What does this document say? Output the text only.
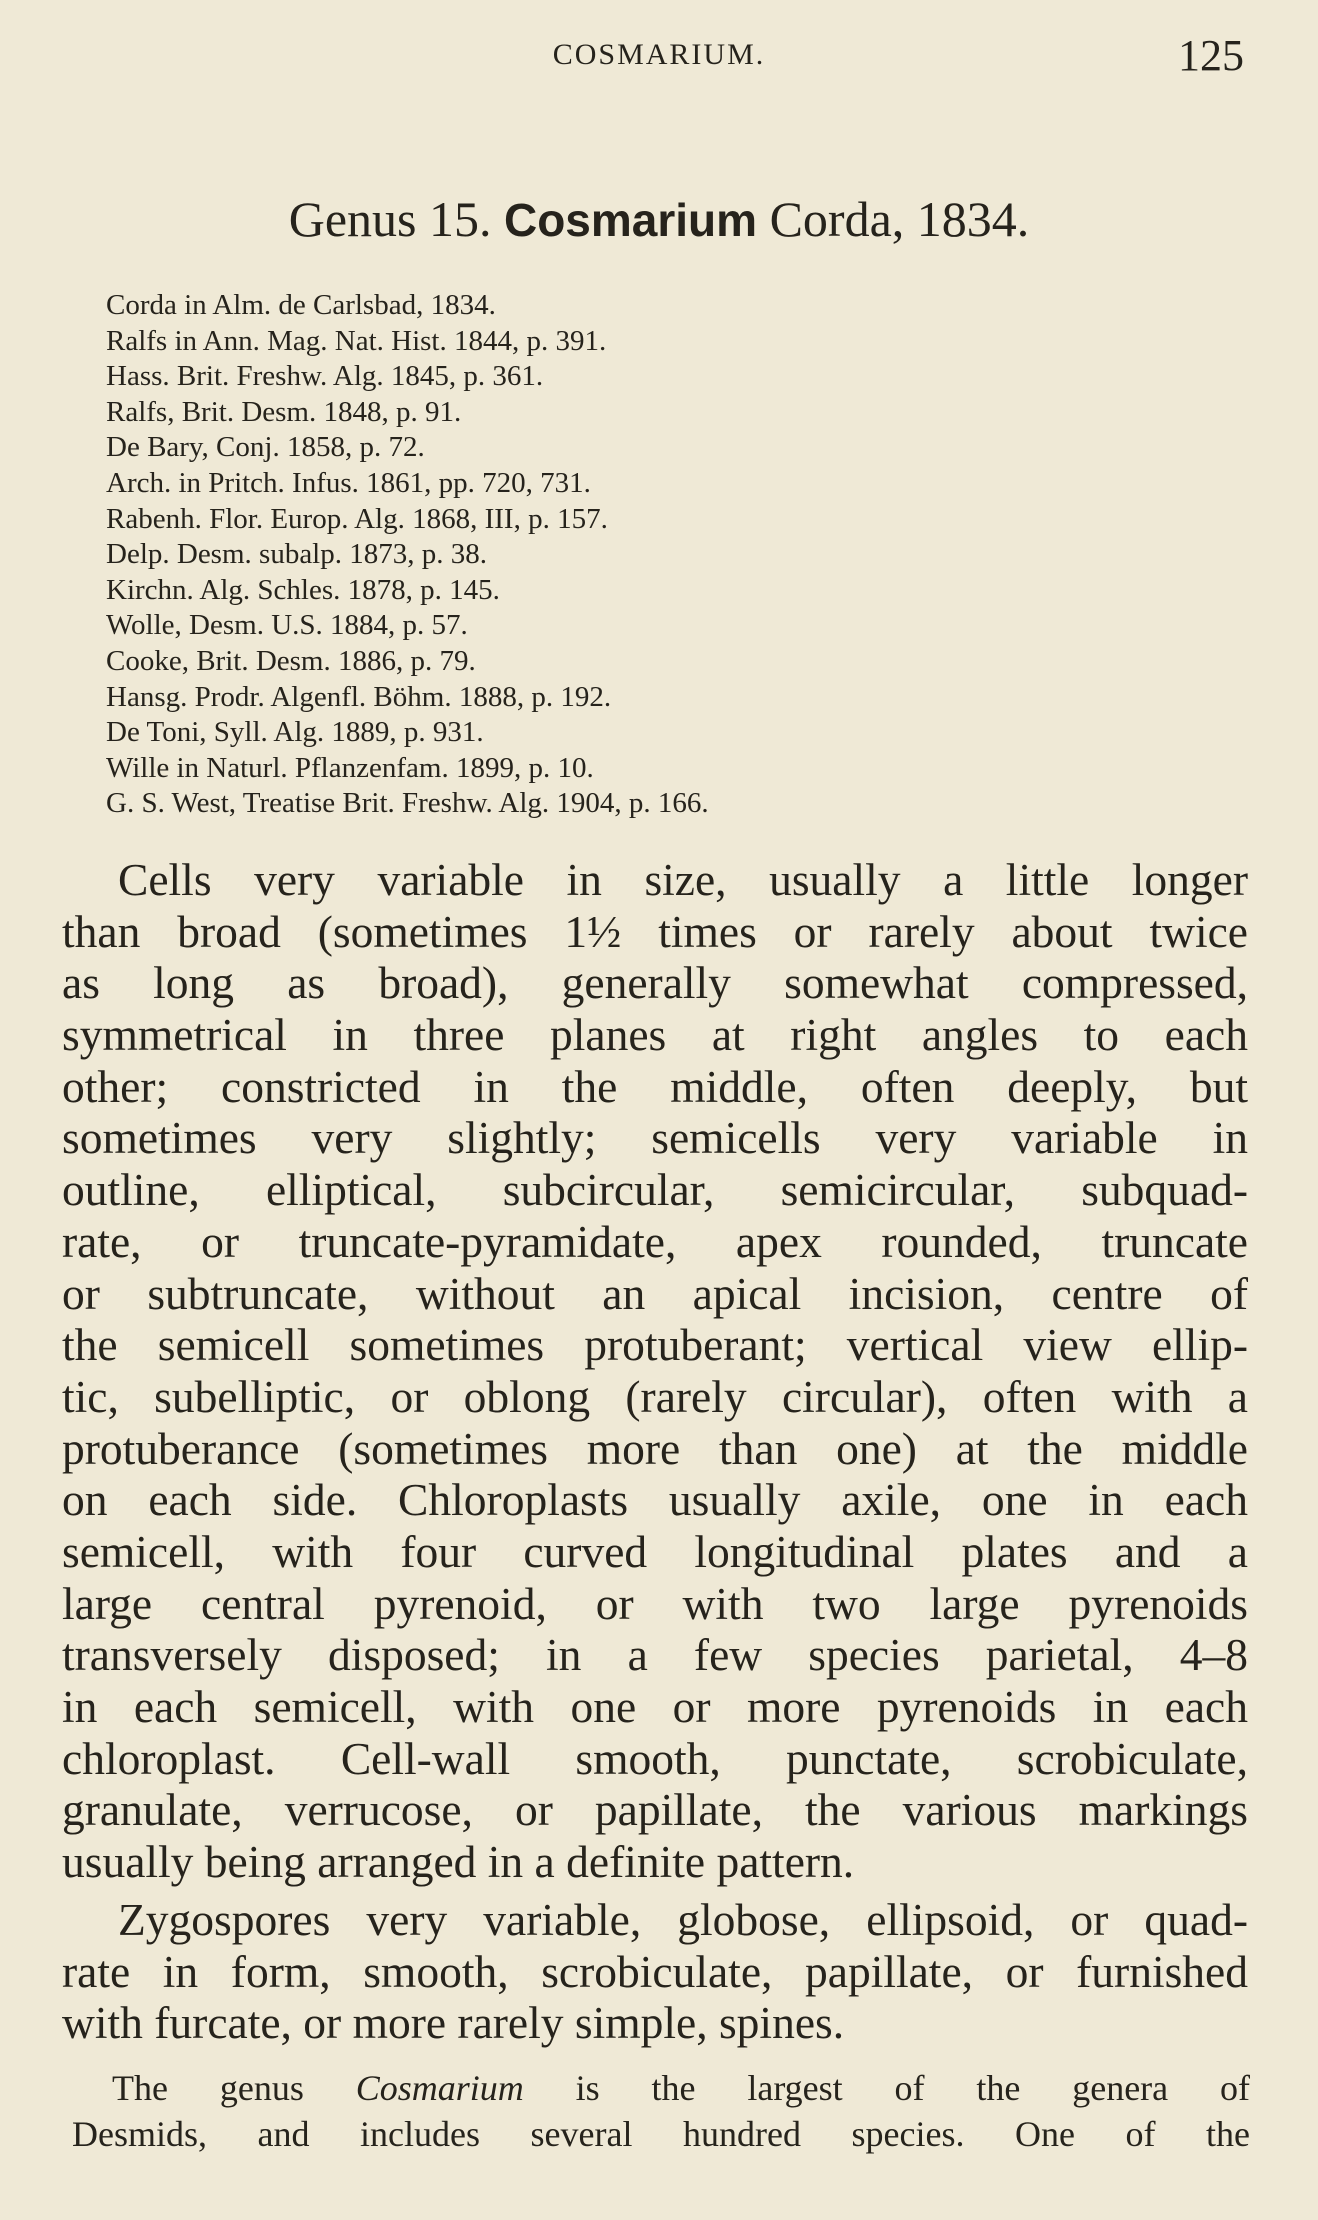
COSMARIUM.	125
Genus 15. Cosmarium Corda, 1834.
Corda in Alm. de Carlsbad, 1834.
Ralfs in Ann. Mag. Nat. Hist. 1844, p. 391.
Hass. Brit. Freshw. Alg. 1845, p. 361.
Ralfs, Brit. Desm. 1848, p. 91.
De Bary, Conj. 1858, p. 72.
Arch. in Pritch. Infus. 1861, pp. 720, 731.
Rabenh. Flor. Europ. Alg. 1868, III, p. 157.
Delp. Desm. subalp. 1873, p. 38.
Kirchn. Alg. Schles. 1878, p. 145.
Wolle, Desm. U.S. 1884, p. 57.
Cooke, Brit. Desm. 1886, p. 79.
Hansg. Prodr. Algenfl. Böhm. 1888, p. 192.
De Toni, Syll. Alg. 1889, p. 931.
Wille in Naturl. Pflanzenfam. 1899, p. 10.
G. S. West, Treatise Brit. Freshw. Alg. 1904, p. 166.
Cells very variable in size, usually a little longer
than broad (sometimes 1½ times or rarely about twice
as long as broad), generally somewhat compressed,
symmetrical in three planes at right angles to each
other; constricted in the middle, often deeply, but
sometimes very slightly; semicells very variable in
outline, elliptical, subcircular, semicircular, subquad-
rate, or truncate-pyramidate, apex rounded, truncate
or subtruncate, without an apical incision, centre of
the semicell sometimes protuberant; vertical view ellip-
tic, subelliptic, or oblong (rarely circular), often with a
protuberance (sometimes more than one) at the middle
on each side. Chloroplasts usually axile, one in each
semicell, with four curved longitudinal plates and a
large central pyrenoid, or with two large pyrenoids
transversely disposed; in a few species parietal, 4–8
in each semicell, with one or more pyrenoids in each
chloroplast. Cell-wall smooth, punctate, scrobiculate,
granulate, verrucose, or papillate, the various markings
usually being arranged in a definite pattern.
Zygospores very variable, globose, ellipsoid, or quad-
rate in form, smooth, scrobiculate, papillate, or furnished
with furcate, or more rarely simple, spines.
The genus Cosmarium is the largest of the genera of
Desmids, and includes several hundred species. One of the
